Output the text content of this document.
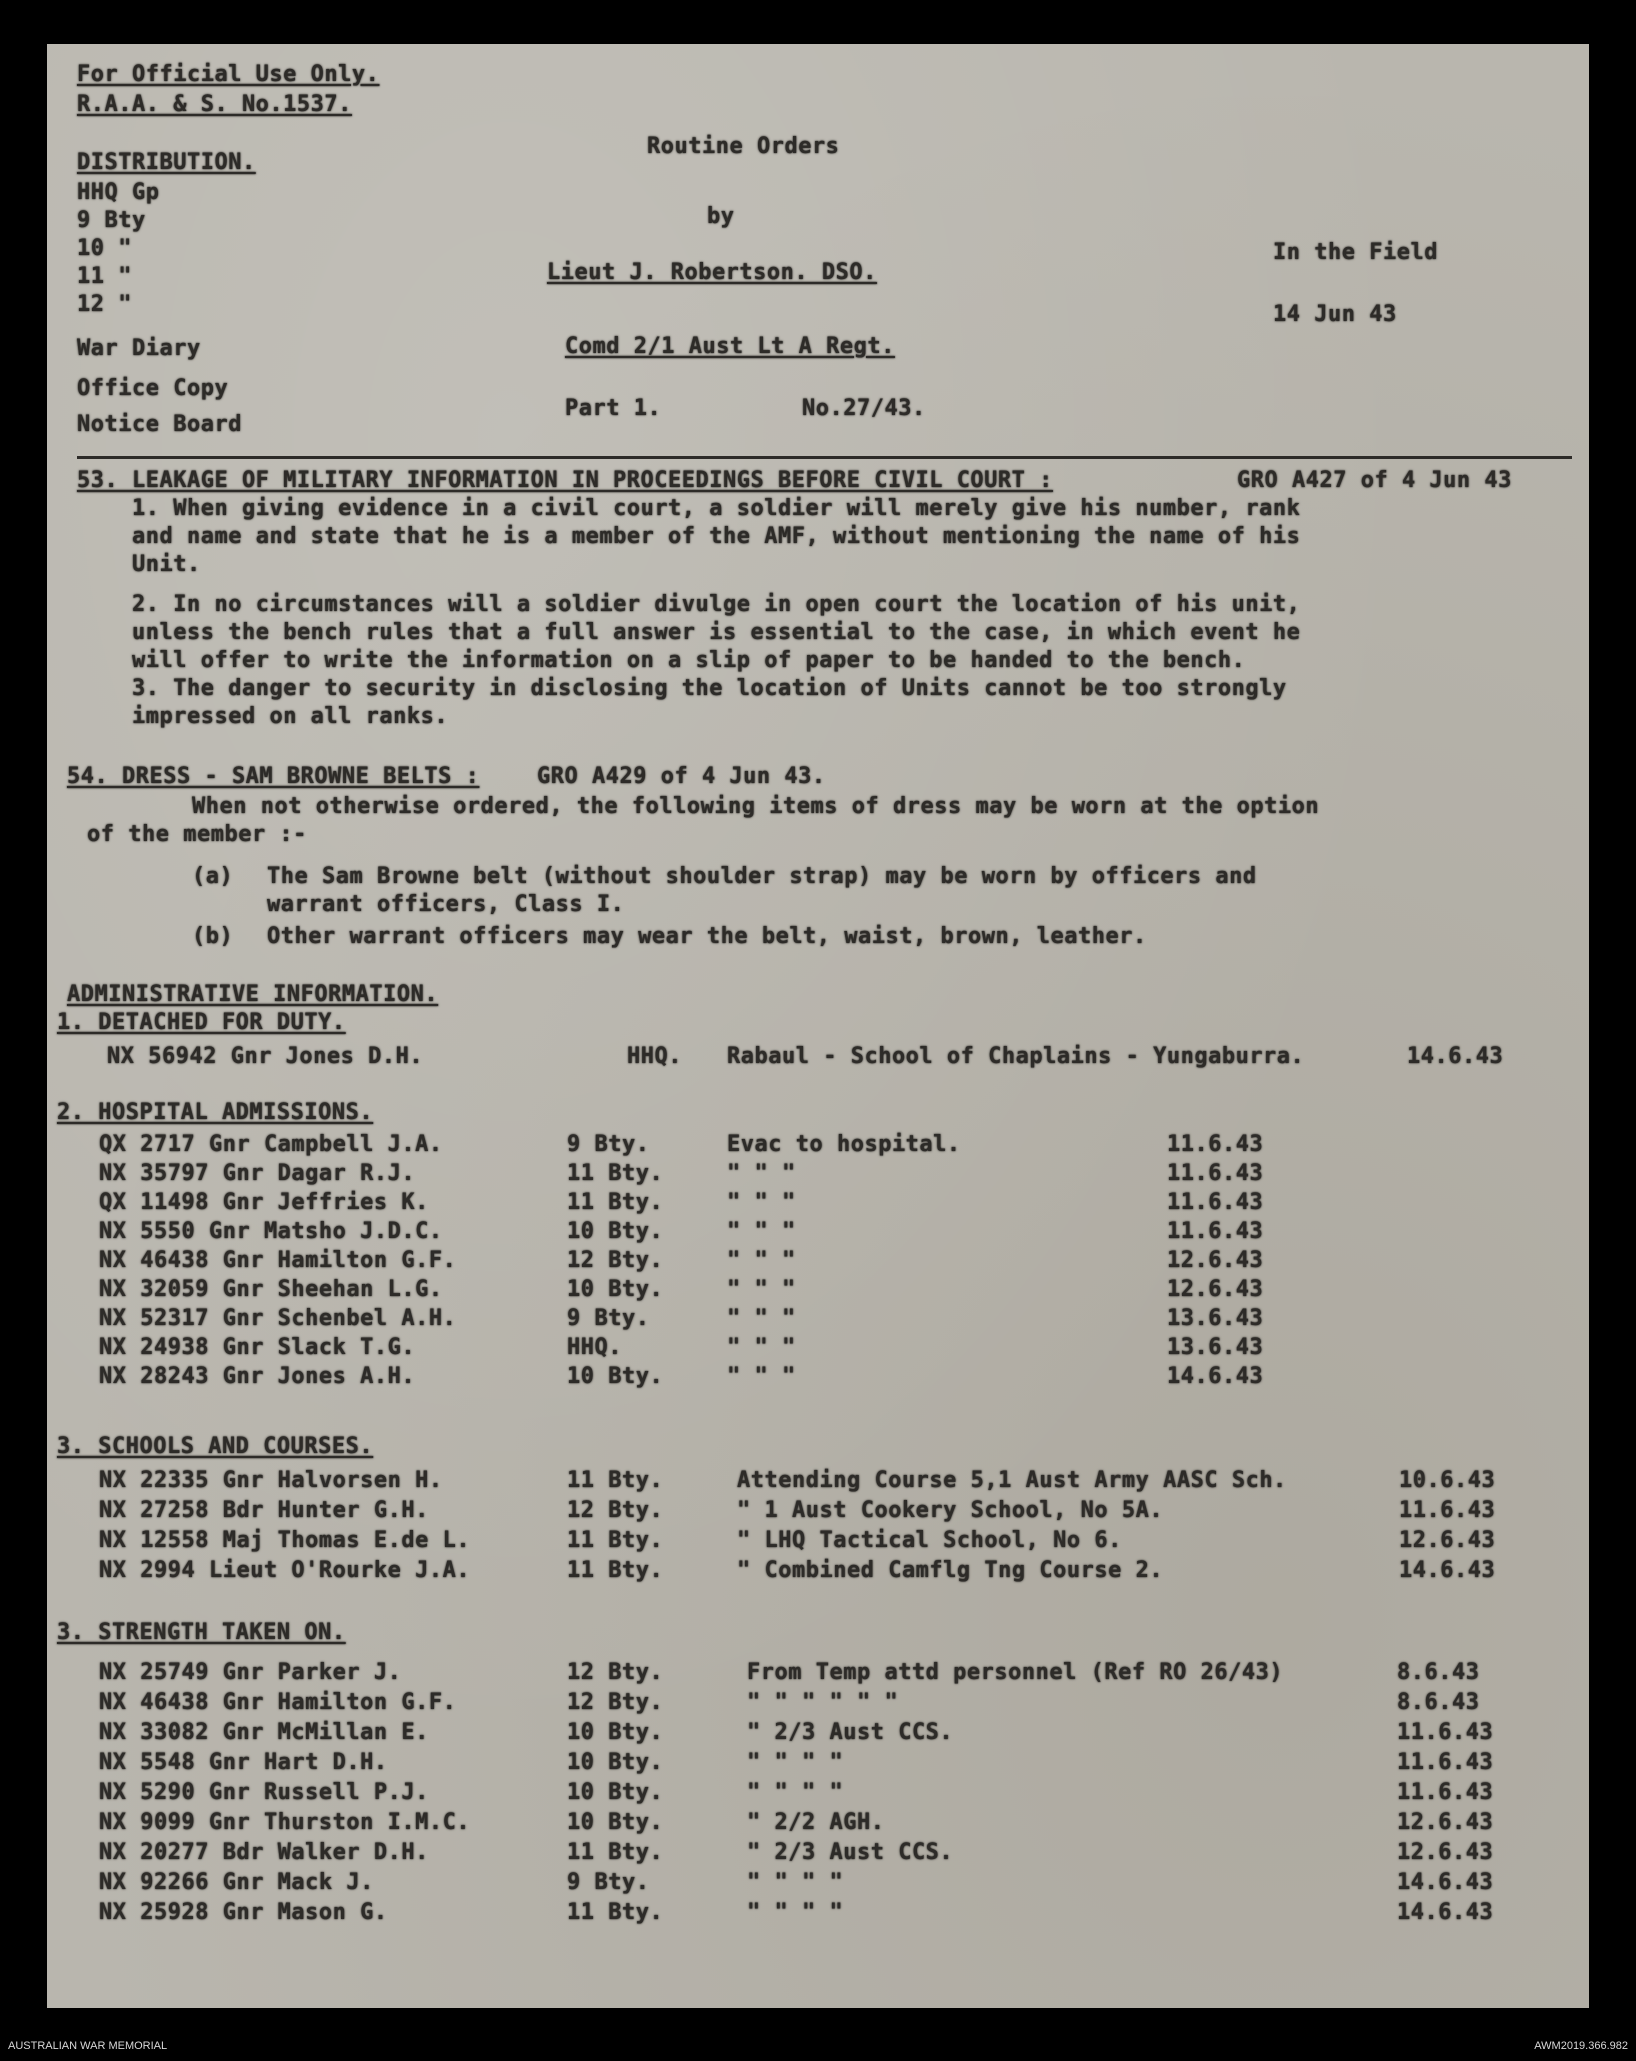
For Official Use Only.
R.A.A. & S. No.1537.
DISTRIBUTION.
HHQ Gp
9 Bty
10 "
11 "
12 "
War Diary
Office Copy
Notice Board
Routine Orders
by
Lieut J. Robertson. DSO.
Comd 2/1 Aust Lt A Regt.
Part 1.	No.27/43.
In the Field
14 Jun 43
53. LEAKAGE OF MILITARY INFORMATION IN PROCEEDINGS BEFORE CIVIL COURT :	GRO A427 of 4 Jun 43
1. When giving evidence in a civil court, a soldier will merely give his number, rank
and name and state that he is a member of the AMF, without mentioning the name of his
Unit.
2. In no circumstances will a soldier divulge in open court the location of his unit,
unless the bench rules that a full answer is essential to the case, in which event he
will offer to write the information on a slip of paper to be handed to the bench.
3. The danger to security in disclosing the location of Units cannot be too strongly
impressed on all ranks.
54. DRESS - SAM BROWNE BELTS :	GRO A429 of 4 Jun 43.
When not otherwise ordered, the following items of dress may be worn at the option
of the member :-
(a) The Sam Browne belt (without shoulder strap) may be worn by officers and
warrant officers, Class I.
(b) Other warrant officers may wear the belt, waist, brown, leather.
ADMINISTRATIVE INFORMATION.
1. DETACHED FOR DUTY.
NX 56942 Gnr Jones D.H.	HHQ. Rabaul - School of Chaplains - Yungaburra.	14.6.43
2. HOSPITAL ADMISSIONS.
QX 2717 Gnr Campbell J.A.	9 Bty.	Evac to hospital.	11.6.43
NX 35797 Gnr Dagar R.J.	11 Bty.	" " "	11.6.43
QX 11498 Gnr Jeffries K.	11 Bty.	" " "	11.6.43
NX 5550 Gnr Matsho J.D.C.	10 Bty.	" " "	11.6.43
NX 46438 Gnr Hamilton G.F.	12 Bty.	" " "	12.6.43
NX 32059 Gnr Sheehan L.G.	10 Bty.	" " "	12.6.43
NX 52317 Gnr Schenbel A.H.	9 Bty.	" " "	13.6.43
NX 24938 Gnr Slack T.G.	HHQ.	" " "	13.6.43
NX 28243 Gnr Jones A.H.	10 Bty.	" " "	14.6.43
3. SCHOOLS AND COURSES.
NX 22335 Gnr Halvorsen H.	11 Bty.	Attending Course 5,1 Aust Army AASC Sch.	10.6.43
NX 27258 Bdr Hunter G.H.	12 Bty.	" 1 Aust Cookery School, No 5A.	11.6.43
NX 12558 Maj Thomas E.de L.	11 Bty.	" LHQ Tactical School, No 6.	12.6.43
NX 2994 Lieut O'Rourke J.A.	11 Bty.	" Combined Camflg Tng Course 2.	14.6.43
3. STRENGTH TAKEN ON.
NX 25749 Gnr Parker J.	12 Bty.	From Temp attd personnel (Ref RO 26/43)	8.6.43
NX 46438 Gnr Hamilton G.F.	12 Bty.	" " " " " "	8.6.43
NX 33082 Gnr McMillan E.	10 Bty.	" 2/3 Aust CCS.	11.6.43
NX 5548 Gnr Hart D.H.	10 Bty.	" " " "	11.6.43
NX 5290 Gnr Russell P.J.	10 Bty.	" " " "	11.6.43
NX 9099 Gnr Thurston I.M.C.	10 Bty.	" 2/2 AGH.	12.6.43
NX 20277 Bdr Walker D.H.	11 Bty.	" 2/3 Aust CCS.	12.6.43
NX 92266 Gnr Mack J.	9 Bty.	" " " "	14.6.43
NX 25928 Gnr Mason G.	11 Bty.	" " " "	14.6.43
AUSTRALIAN WAR MEMORIAL	AWM2019.366.982
